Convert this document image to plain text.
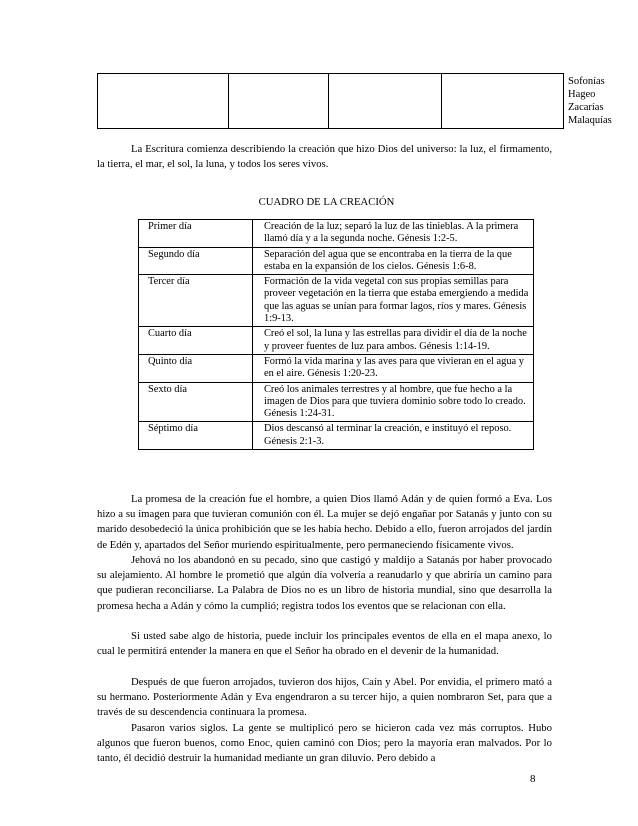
Sofonías
Hageo
Zacarías
Malaquías

La Escritura comienza describiendo la creación que hizo Dios del universo: la luz, el firmamento, la tierra, el mar, el sol, la luna, y todos los seres vivos.

CUADRO DE LA CREACIÓN
Primer día	Creación de la luz; separó la luz de las tinieblas. A la primera llamó día y a la segunda noche. Génesis 1:2-5.
Segundo día	Separación del agua que se encontraba en la tierra de la que estaba en la expansión de los cielos. Génesis 1:6-8.
Tercer día	Formación de la vida vegetal con sus propias semillas para proveer vegetación en la tierra que estaba emergiendo a medida que las aguas se unían para formar lagos, ríos y mares. Génesis 1:9-13.
Cuarto día	Creó el sol, la luna y las estrellas para dividir el día de la noche y proveer fuentes de luz para ambos. Génesis 1:14-19.
Quinto día	Formó la vida marina y las aves para que vivieran en el agua y en el aire. Génesis 1:20-23.
Sexto día	Creó los animales terrestres y al hombre, que fue hecho a la imagen de Dios para que tuviera dominio sobre todo lo creado. Génesis 1:24-31.
Séptimo día	Dios descansó al terminar la creación, e instituyó el reposo. Génesis 2:1-3.

La promesa de la creación fue el hombre, a quien Dios llamó Adán y de quien formó a Eva. Los hizo a su imagen para que tuvieran comunión con él. La mujer se dejó engañar por Satanás y junto con su marido desobedeció la única prohibición que se les había hecho. Debido a ello, fueron arrojados del jardín de Edén y, apartados del Señor muriendo espiritualmente, pero permaneciendo físicamente vivos.

Jehová no los abandonó en su pecado, sino que castigó y maldijo a Satanás por haber provocado su alejamiento. Al hombre le prometió que algún día volvería a reanudarlo y que abriría un camino para que pudieran reconciliarse. La Palabra de Dios no es un libro de historia mundial, sino que desarrolla la promesa hecha a Adán y cómo la cumplió; registra todos los eventos que se relacionan con ella.

Si usted sabe algo de historia, puede incluir los principales eventos de ella en el mapa anexo, lo cual le permitirá entender la manera en que el Señor ha obrado en el devenir de la humanidad.

Después de que fueron arrojados, tuvieron dos hijos, Caín y Abel. Por envidia, el primero mató a su hermano. Posteriormente Adán y Eva engendraron a su tercer hijo, a quien nombraron Set, para que a través de su descendencia continuara la promesa.

Pasaron varios siglos. La gente se multiplicó pero se hicieron cada vez más corruptos. Hubo algunos que fueron buenos, como Enoc, quien caminó con Dios; pero la mayoría eran malvados. Por lo tanto, él decidió destruir la humanidad mediante un gran diluvio. Pero debido a

8
